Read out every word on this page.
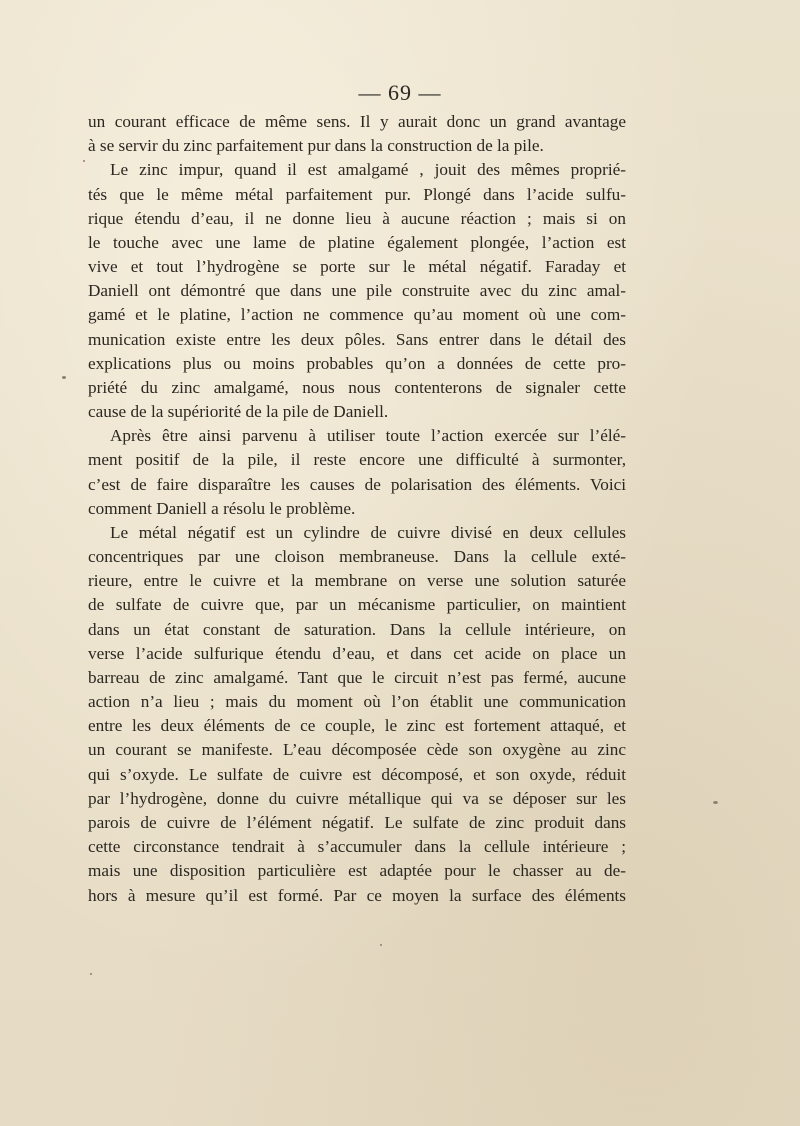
— 69 —
un courant efficace de même sens. Il y aurait donc un grand avantage
à se servir du zinc parfaitement pur dans la construction de la pile.
Le zinc impur, quand il est amalgamé , jouit des mêmes proprié-
tés que le même métal parfaitement pur. Plongé dans l’acide sulfu-
rique étendu d’eau, il ne donne lieu à aucune réaction ; mais si on
le touche avec une lame de platine également plongée, l’action est
vive et tout l’hydrogène se porte sur le métal négatif. Faraday et
Daniell ont démontré que dans une pile construite avec du zinc amal-
gamé et le platine, l’action ne commence qu’au moment où une com-
munication existe entre les deux pôles. Sans entrer dans le détail des
explications plus ou moins probables qu’on a données de cette pro-
priété du zinc amalgamé, nous nous contenterons de signaler cette
cause de la supériorité de la pile de Daniell.
Après être ainsi parvenu à utiliser toute l’action exercée sur l’élé-
ment positif de la pile, il reste encore une difficulté à surmonter,
c’est de faire disparaître les causes de polarisation des éléments. Voici
comment Daniell a résolu le problème.
Le métal négatif est un cylindre de cuivre divisé en deux cellules
concentriques par une cloison membraneuse. Dans la cellule exté-
rieure, entre le cuivre et la membrane on verse une solution saturée
de sulfate de cuivre que, par un mécanisme particulier, on maintient
dans un état constant de saturation. Dans la cellule intérieure, on
verse l’acide sulfurique étendu d’eau, et dans cet acide on place un
barreau de zinc amalgamé. Tant que le circuit n’est pas fermé, aucune
action n’a lieu ; mais du moment où l’on établit une communication
entre les deux éléments de ce couple, le zinc est fortement attaqué, et
un courant se manifeste. L’eau décomposée cède son oxygène au zinc
qui s’oxyde. Le sulfate de cuivre est décomposé, et son oxyde, réduit
par l’hydrogène, donne du cuivre métallique qui va se déposer sur les
parois de cuivre de l’élément négatif. Le sulfate de zinc produit dans
cette circonstance tendrait à s’accumuler dans la cellule intérieure ;
mais une disposition particulière est adaptée pour le chasser au de-
hors à mesure qu’il est formé. Par ce moyen la surface des éléments
